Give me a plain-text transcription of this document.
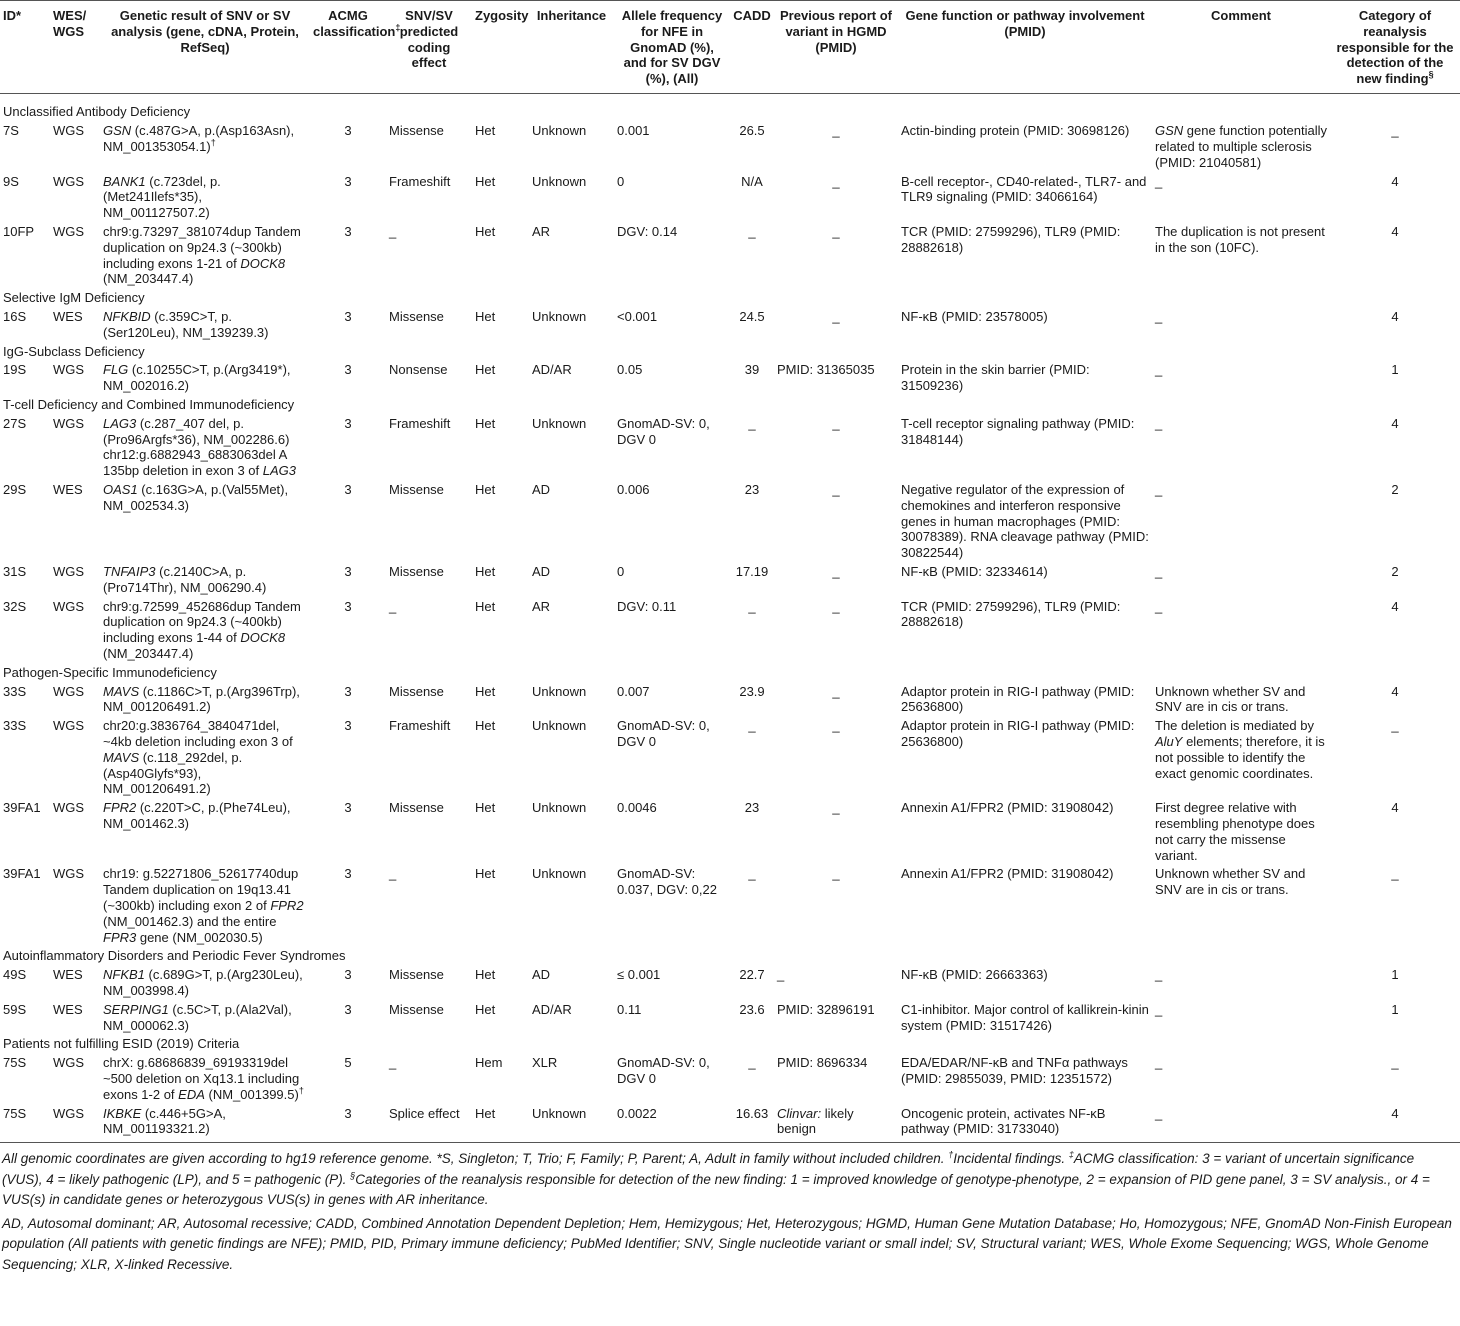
ID*	WES/ WGS	Genetic result of SNV or SV analysis (gene, cDNA, Protein, RefSeq)	ACMG classification‡	SNV/SV predicted coding effect	Zygosity	Inheritance	Allele frequency for NFE in GnomAD (%), and for SV DGV (%), (All)	CADD	Previous report of variant in HGMD (PMID)	Gene function or pathway involvement (PMID)	Comment	Category of reanalysis responsible for the detection of the new finding§

Unclassified Antibody Deficiency												
7S	WGS	GSN (c.487G>A, p.(Asp163Asn), NM_001353054.1)†	3	Missense	Het	Unknown	0.001	26.5	_	Actin-binding protein (PMID: 30698126)	GSN gene function potentially related to multiple sclerosis (PMID: 21040581)	_
9S	WGS	BANK1 (c.723del, p.(Met241Ilefs*35), NM_001127507.2)	3	Frameshift	Het	Unknown	0	N/A	_	B-cell receptor-, CD40-related-, TLR7- and TLR9 signaling (PMID: 34066164)	_	4
10FP	WGS	chr9:g.73297_381074dup Tandem duplication on 9p24.3 (~300kb) including exons 1-21 of DOCK8 (NM_203447.4)	3	_	Het	AR	DGV: 0.14	_	_	TCR (PMID: 27599296), TLR9 (PMID: 28882618)	The duplication is not present in the son (10FC).	4
Selective IgM Deficiency												
16S	WES	NFKBID (c.359C>T, p.(Ser120Leu), NM_139239.3)	3	Missense	Het	Unknown	<0.001	24.5	_	NF-κB (PMID: 23578005)	_	4
IgG-Subclass Deficiency												
19S	WGS	FLG (c.10255C>T, p.(Arg3419*), NM_002016.2)	3	Nonsense	Het	AD/AR	0.05	39	PMID: 31365035	Protein in the skin barrier (PMID: 31509236)	_	1
T-cell Deficiency and Combined Immunodeficiency												
27S	WGS	LAG3 (c.287_407 del, p.(Pro96Argfs*36), NM_002286.6) chr12:g.6882943_6883063del A 135bp deletion in exon 3 of LAG3	3	Frameshift	Het	Unknown	GnomAD-SV: 0, DGV 0	_	_	T-cell receptor signaling pathway (PMID: 31848144)	_	4
29S	WES	OAS1 (c.163G>A, p.(Val55Met), NM_002534.3)	3	Missense	Het	AD	0.006	23	_	Negative regulator of the expression of chemokines and interferon responsive genes in human macrophages (PMID: 30078389). RNA cleavage pathway (PMID: 30822544)	_	2
31S	WGS	TNFAIP3 (c.2140C>A, p.(Pro714Thr), NM_006290.4)	3	Missense	Het	AD	0	17.19	_	NF-κB (PMID: 32334614)	_	2
32S	WGS	chr9:g.72599_452686dup Tandem duplication on 9p24.3 (~400kb) including exons 1-44 of DOCK8 (NM_203447.4)	3	_	Het	AR	DGV: 0.11	_	_	TCR (PMID: 27599296), TLR9 (PMID: 28882618)	_	4
Pathogen-Specific Immunodeficiency												
33S	WGS	MAVS (c.1186C>T, p.(Arg396Trp), NM_001206491.2)	3	Missense	Het	Unknown	0.007	23.9	_	Adaptor protein in RIG-I pathway (PMID: 25636800)	Unknown whether SV and SNV are in cis or trans.	4
33S	WGS	chr20:g.3836764_3840471del, ~4kb deletion including exon 3 of MAVS (c.118_292del, p.(Asp40Glyfs*93), NM_001206491.2)	3	Frameshift	Het	Unknown	GnomAD-SV: 0, DGV 0	_	_	Adaptor protein in RIG-I pathway (PMID: 25636800)	The deletion is mediated by AluY elements; therefore, it is not possible to identify the exact genomic coordinates.	_
39FA1	WGS	FPR2 (c.220T>C, p.(Phe74Leu), NM_001462.3)	3	Missense	Het	Unknown	0.0046	23	_	Annexin A1/FPR2 (PMID: 31908042)	First degree relative with resembling phenotype does not carry the missense variant.	4
39FA1	WGS	chr19: g.52271806_52617740dup Tandem duplication on 19q13.41 (~300kb) including exon 2 of FPR2 (NM_001462.3) and the entire FPR3 gene (NM_002030.5)	3	_	Het	Unknown	GnomAD-SV: 0.037, DGV: 0,22	_	_	Annexin A1/FPR2 (PMID: 31908042)	Unknown whether SV and SNV are in cis or trans.	_
Autoinflammatory Disorders and Periodic Fever Syndromes												
49S	WES	NFKB1 (c.689G>T, p.(Arg230Leu), NM_003998.4)	3	Missense	Het	AD	≤ 0.001	22.7	_	NF-κB (PMID: 26663363)	_	1
59S	WES	SERPING1 (c.5C>T, p.(Ala2Val), NM_000062.3)	3	Missense	Het	AD/AR	0.11	23.6	PMID: 32896191	C1-inhibitor. Major control of kallikrein-kinin system (PMID: 31517426)	_	1
Patients not fulfilling ESID (2019) Criteria												
75S	WGS	chrX: g.68686839_69193319del ~500 deletion on Xq13.1 including exons 1-2 of EDA (NM_001399.5)†	5	_	Hem	XLR	GnomAD-SV: 0, DGV 0	_	PMID: 8696334	EDA/EDAR/NF-κB and TNFα pathways (PMID: 29855039, PMID: 12351572)	_	_
75S	WGS	IKBKE (c.446+5G>A, NM_001193321.2)	3	Splice effect	Het	Unknown	0.0022	16.63	Clinvar: likely benign	Oncogenic protein, activates NF-κB pathway (PMID: 31733040)	_	4
All genomic coordinates are given according to hg19 reference genome. *S, Singleton; T, Trio; F, Family; P, Parent; A, Adult in family without included children. †Incidental findings. ‡ACMG classification: 3 = variant of uncertain significance (VUS), 4 = likely pathogenic (LP), and 5 = pathogenic (P). §Categories of the reanalysis responsible for detection of the new finding: 1 = improved knowledge of genotype-phenotype, 2 = expansion of PID gene panel, 3 = SV analysis., or 4 = VUS(s) in candidate genes or heterozygous VUS(s) in genes with AR inheritance.
AD, Autosomal dominant; AR, Autosomal recessive; CADD, Combined Annotation Dependent Depletion; Hem, Hemizygous; Het, Heterozygous; HGMD, Human Gene Mutation Database; Ho, Homozygous; NFE, GnomAD Non-Finish European population (All patients with genetic findings are NFE); PMID, PID, Primary immune deficiency; PubMed Identifier; SNV, Single nucleotide variant or small indel; SV, Structural variant; WES, Whole Exome Sequencing; WGS, Whole Genome Sequencing; XLR, X-linked Recessive.
